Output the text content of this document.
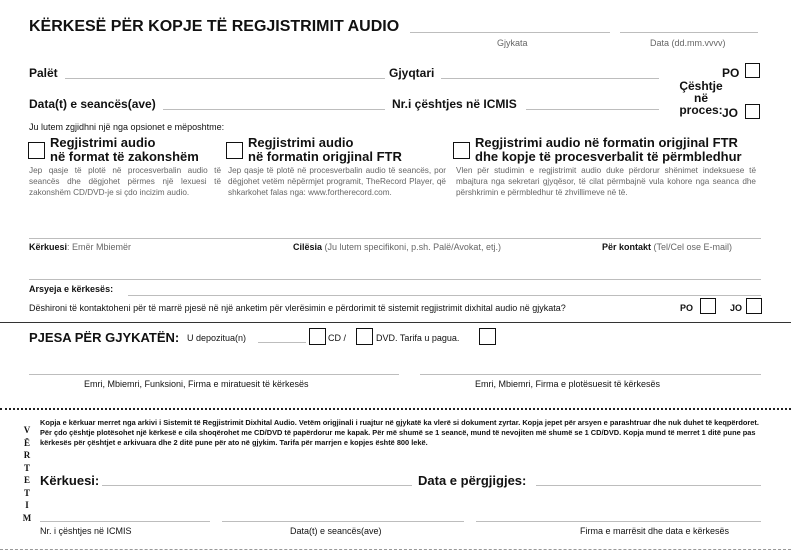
KËRKESË PËR KOPJE TË REGJISTRIMIT AUDIO
Gjykata	Data (dd.mm.vvvv)
Palët	Gjyqtari	PO
Çështje në proces:
Data(t) e seancës(ave)	Nr.i çështjes në ICMIS
JO
Ju lutem zgjidhni një nga opsionet e mëposhtme:
Regjistrimi audio
në format të zakonshëm
Jep qasje të plotë në procesverbalin audio të seancës dhe dëgjohet përmes një lexuesi të zakonshëm CD/DVD-je si çdo incizim audio.
Regjistrimi audio
në formatin origjinal FTR
Jep qasje të plotë në procesverbalin audio të seancës, por dëgjohet vetëm nëpërmjet programit, TheRecord Player, që shkarkohet falas nga: www.fortherecord.com.
Regjistrimi audio në formatin origjinal FTR
dhe kopje të procesverbalit të përmbledhur
Vlen për studimin e regjistrimit audio duke përdorur shënimet indeksuese të mbajtura nga sekretari gjyqësor, të cilat përmbajnë vula kohore nga seanca dhe përshkrimin e përmbledhur të zhvillimeve në të.
Kërkuesi: Emër Mbiemër	Cilësia (Ju lutem specifikoni, p.sh. Palë/Avokat, etj.)	Për kontakt (Tel/Cel ose E-mail)
Arsyeja e kërkesës:
Dëshironi të kontaktoheni për të marrë pjesë në një anketim për vlerësimin e përdorimit të sistemit regjistrimit dixhital audio në gjykata?	PO	JO
PJESA PËR GJYKATËN: U depozitua(n)	CD /	DVD. Tarifa u pagua.
Emri, Mbiemri, Funksioni, Firma e miratuesit të kërkesës	Emri, Mbiemri, Firma e plotësuesit të kërkesës
V
Ë
R
T
E
T
I
M
Kopja e kërkuar merret nga arkivi i Sistemit të Regjistrimit Dixhital Audio. Vetëm origjinali i ruajtur në gjykatë ka vlerë si dokument zyrtar. Kopja jepet për arsyen e parashtruar dhe nuk duhet të keqpërdoret. Për çdo çështje plotësohet një kërkesë e cila shoqërohet me CD/DVD të papërdorur me kapak. Për më shumë se 1 seancë, mund të nevojiten më shumë se 1 CD/DVD. Kopja mund të merret 1 ditë pune pas kërkesës për çështjet e arkivuara dhe 2 ditë pune për ato në gjykim. Tarifa për marrjen e kopjes është 800 lekë.
Kërkuesi:	Data e përgjigjes:
Nr. i çështjes në ICMIS	Data(t) e seancës(ave)	Firma e marrësit dhe data e kërkesës
